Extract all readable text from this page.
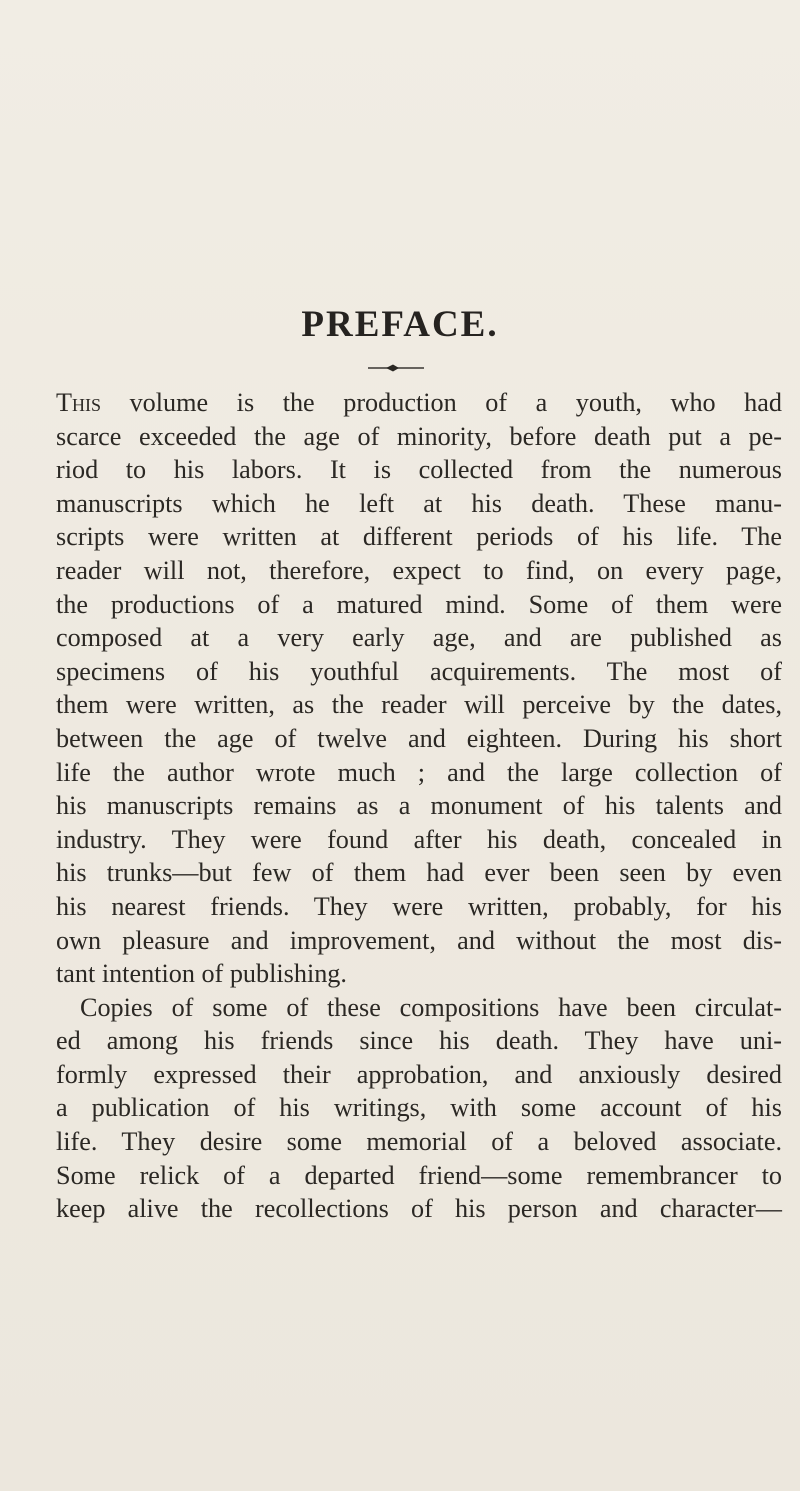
PREFACE.

This volume is the production of a youth, who had
scarce exceeded the age of minority, before death put a pe-
riod to his labors. It is collected from the numerous
manuscripts which he left at his death. These manu-
scripts were written at different periods of his life. The
reader will not, therefore, expect to find, on every page,
the productions of a matured mind. Some of them were
composed at a very early age, and are published as
specimens of his youthful acquirements. The most of
them were written, as the reader will perceive by the dates,
between the age of twelve and eighteen. During his short
life the author wrote much ; and the large collection of
his manuscripts remains as a monument of his talents and
industry. They were found after his death, concealed in
his trunks—but few of them had ever been seen by even
his nearest friends. They were written, probably, for his
own pleasure and improvement, and without the most dis-
tant intention of publishing.

Copies of some of these compositions have been circulat-
ed among his friends since his death. They have uni-
formly expressed their approbation, and anxiously desired
a publication of his writings, with some account of his
life. They desire some memorial of a beloved associate.
Some relick of a departed friend—some remembrancer to
keep alive the recollections of his person and character—
